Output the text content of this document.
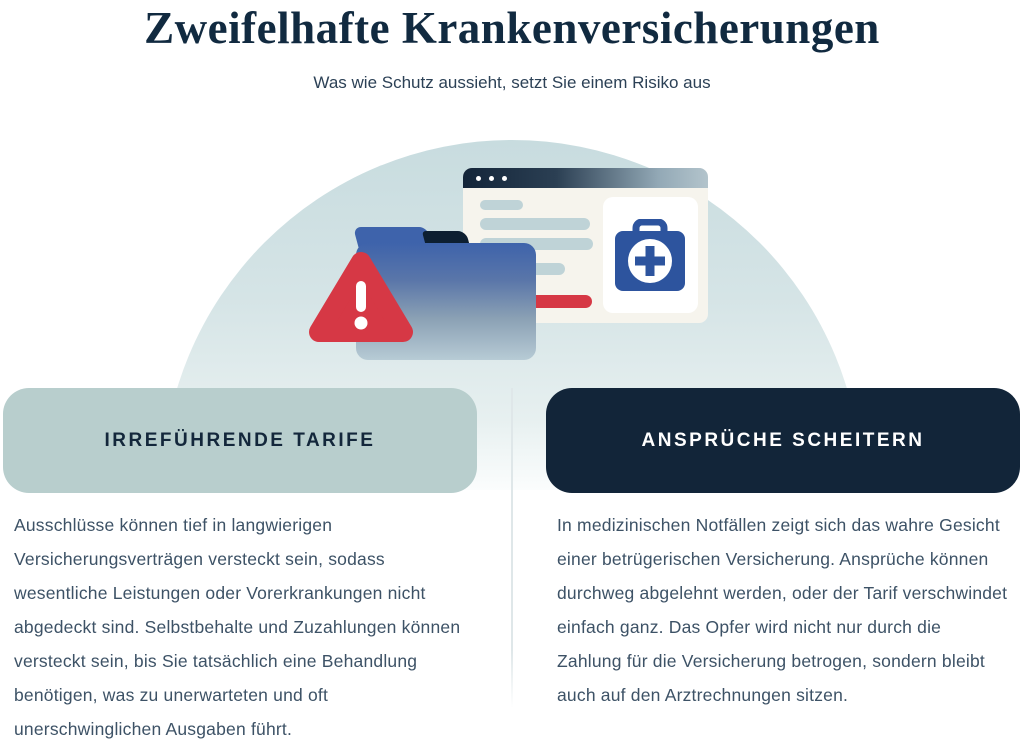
Zweifelhafte Krankenversicherungen

Was wie Schutz aussieht, setzt Sie einem Risiko aus

IRREFÜHRENDE TARIFE	ANSPRÜCHE SCHEITERN

Ausschlüsse können tief in langwierigen Versicherungsverträgen versteckt sein, sodass wesentliche Leistungen oder Vorerkrankungen nicht abgedeckt sind. Selbstbehalte und Zuzahlungen können versteckt sein, bis Sie tatsächlich eine Behandlung benötigen, was zu unerwarteten und oft unerschwinglichen Ausgaben führt.

In medizinischen Notfällen zeigt sich das wahre Gesicht einer betrügerischen Versicherung. Ansprüche können durchweg abgelehnt werden, oder der Tarif verschwindet einfach ganz. Das Opfer wird nicht nur durch die Zahlung für die Versicherung betrogen, sondern bleibt auch auf den Arztrechnungen sitzen.
